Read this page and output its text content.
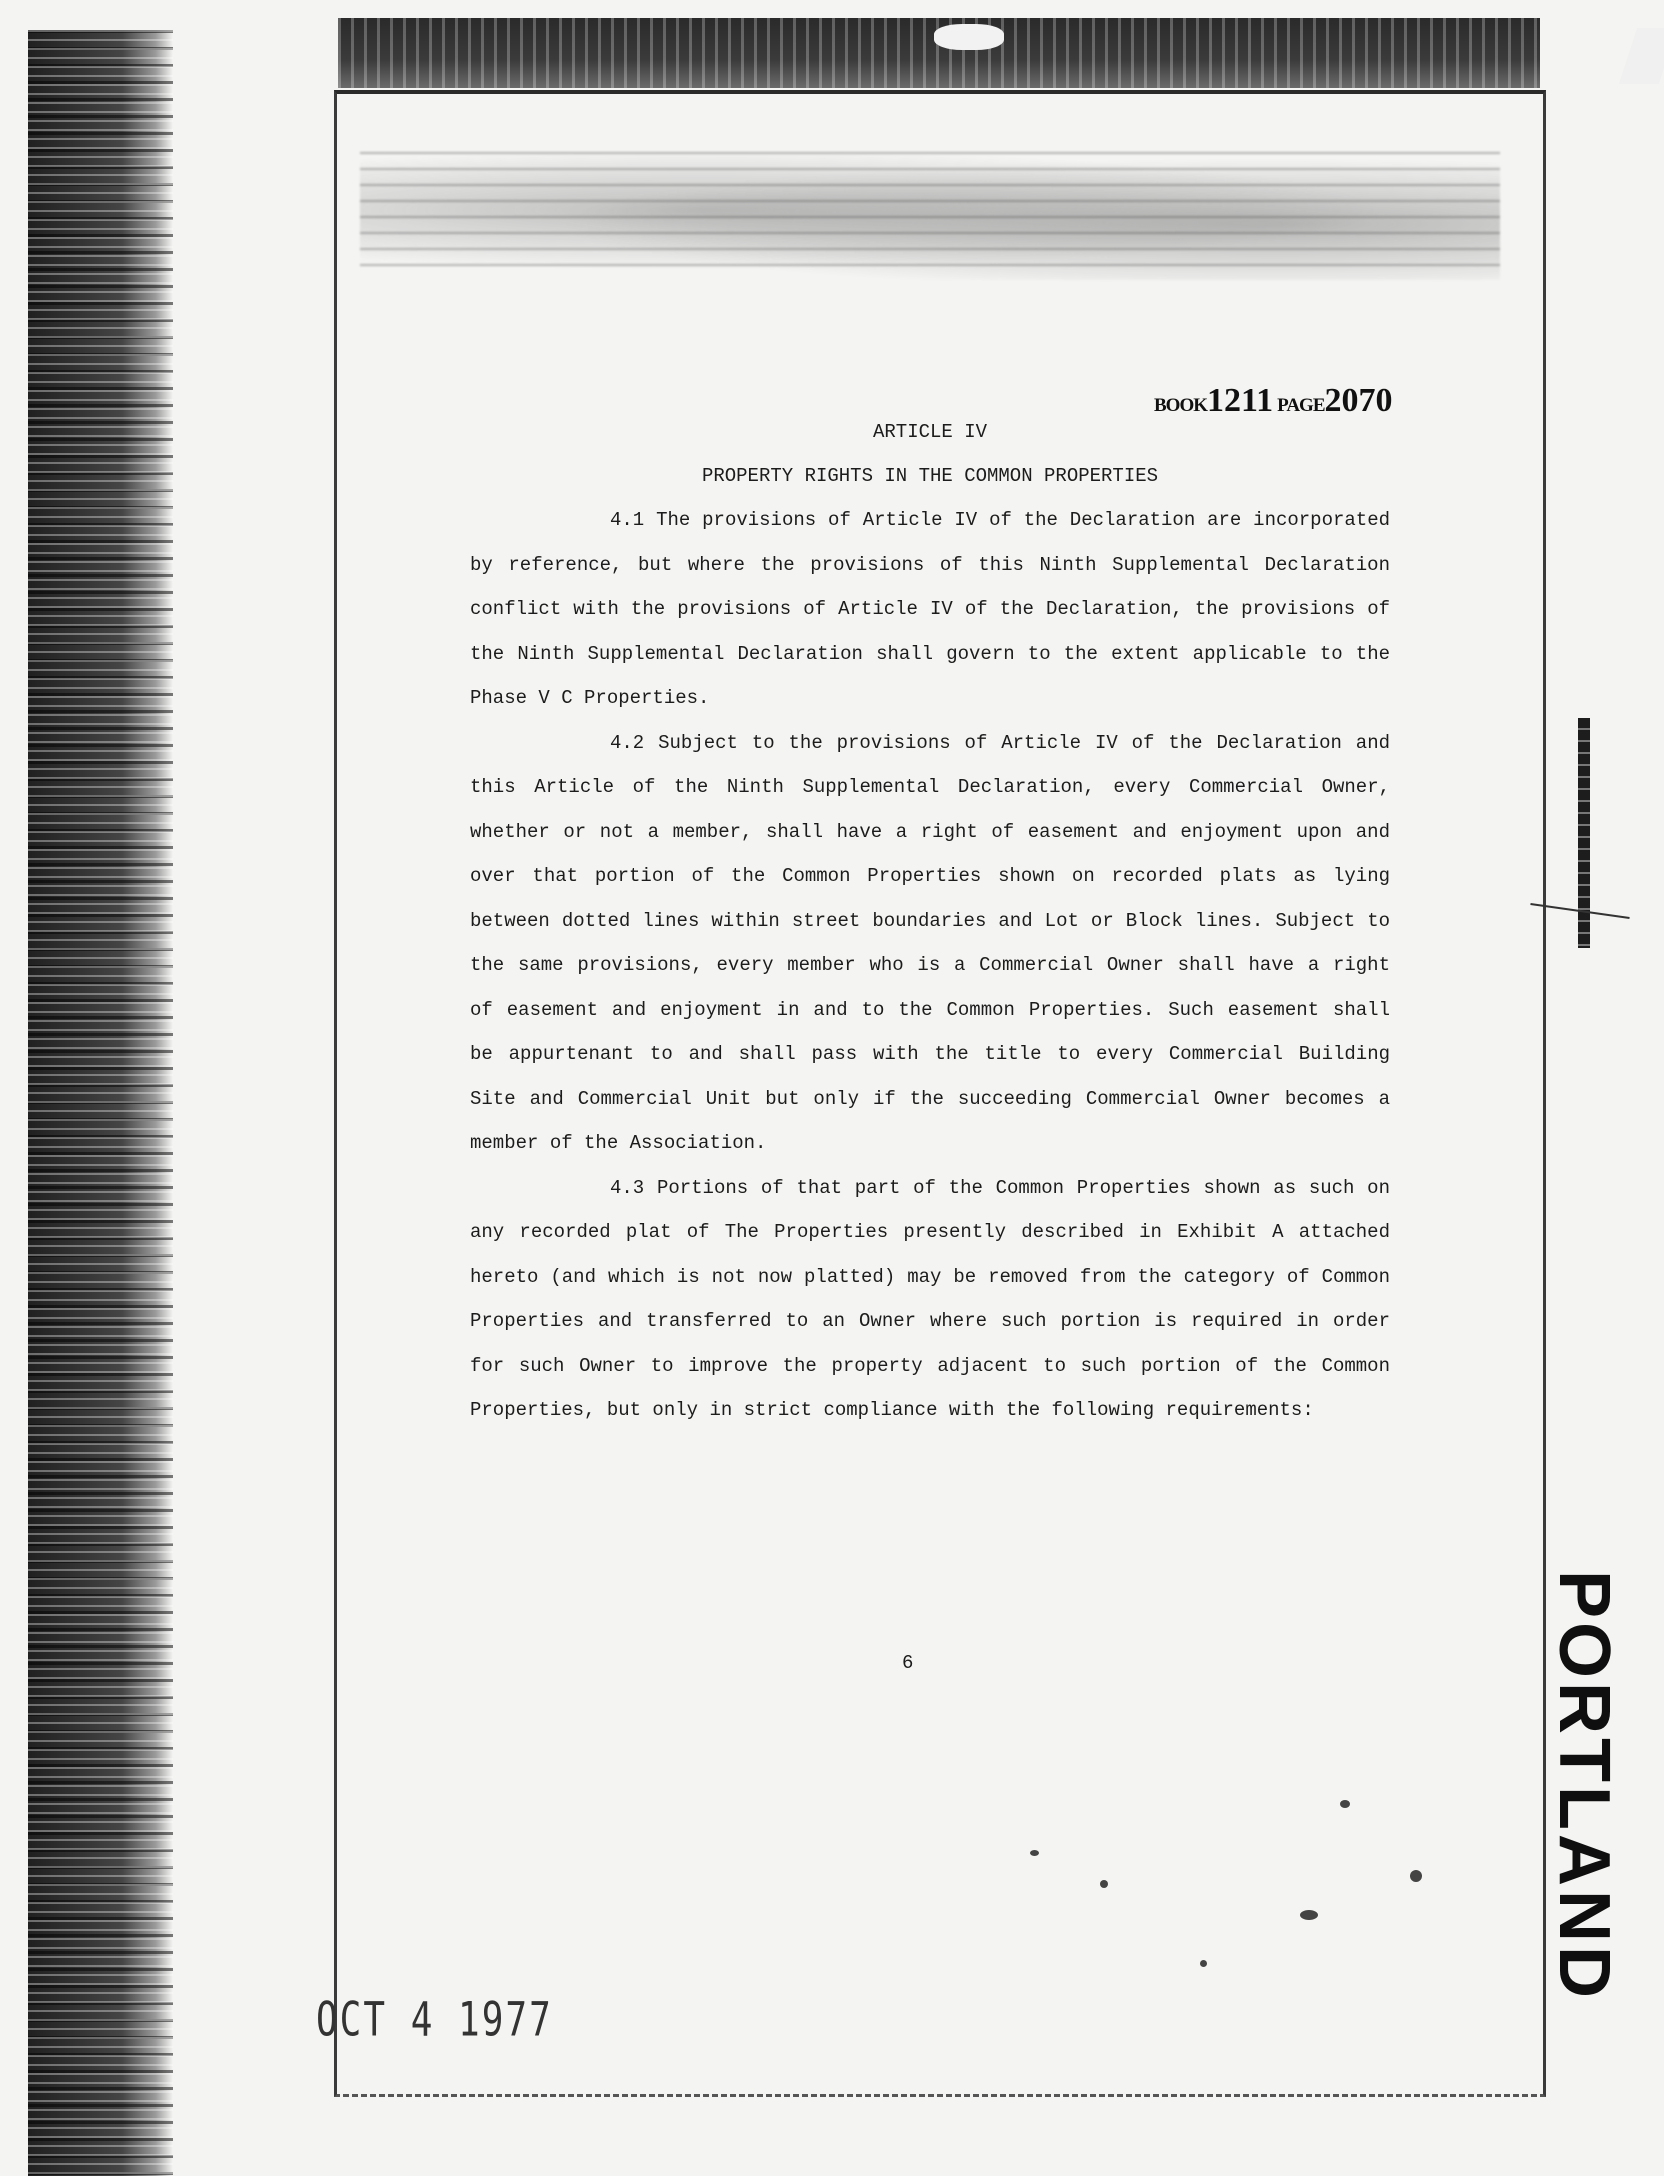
BOOK1211 PAGE2070

ARTICLE IV

PROPERTY RIGHTS IN THE COMMON PROPERTIES

4.1 The provisions of Article IV of the Declaration are incorporated by reference, but where the provisions of this Ninth Supplemental Declaration conflict with the provisions of Article IV of the Declaration, the provisions of the Ninth Supplemental Declaration shall govern to the extent applicable to the Phase V C Properties.

4.2 Subject to the provisions of Article IV of the Declaration and this Article of the Ninth Supplemental Declaration, every Commercial Owner, whether or not a member, shall have a right of easement and enjoyment upon and over that portion of the Common Properties shown on recorded plats as lying between dotted lines within street boundaries and Lot or Block lines. Subject to the same provisions, every member who is a Commercial Owner shall have a right of easement and enjoyment in and to the Common Properties. Such easement shall be appurtenant to and shall pass with the title to every Commercial Building Site and Commercial Unit but only if the succeeding Commercial Owner becomes a member of the Association.

4.3 Portions of that part of the Common Properties shown as such on any recorded plat of The Properties presently described in Exhibit A attached hereto (and which is not now platted) may be removed from the category of Common Properties and transferred to an Owner where such portion is required in order for such Owner to improve the property adjacent to such portion of the Common Properties, but only in strict compliance with the following requirements:

6	PORTLAND
OCT 4 1977
